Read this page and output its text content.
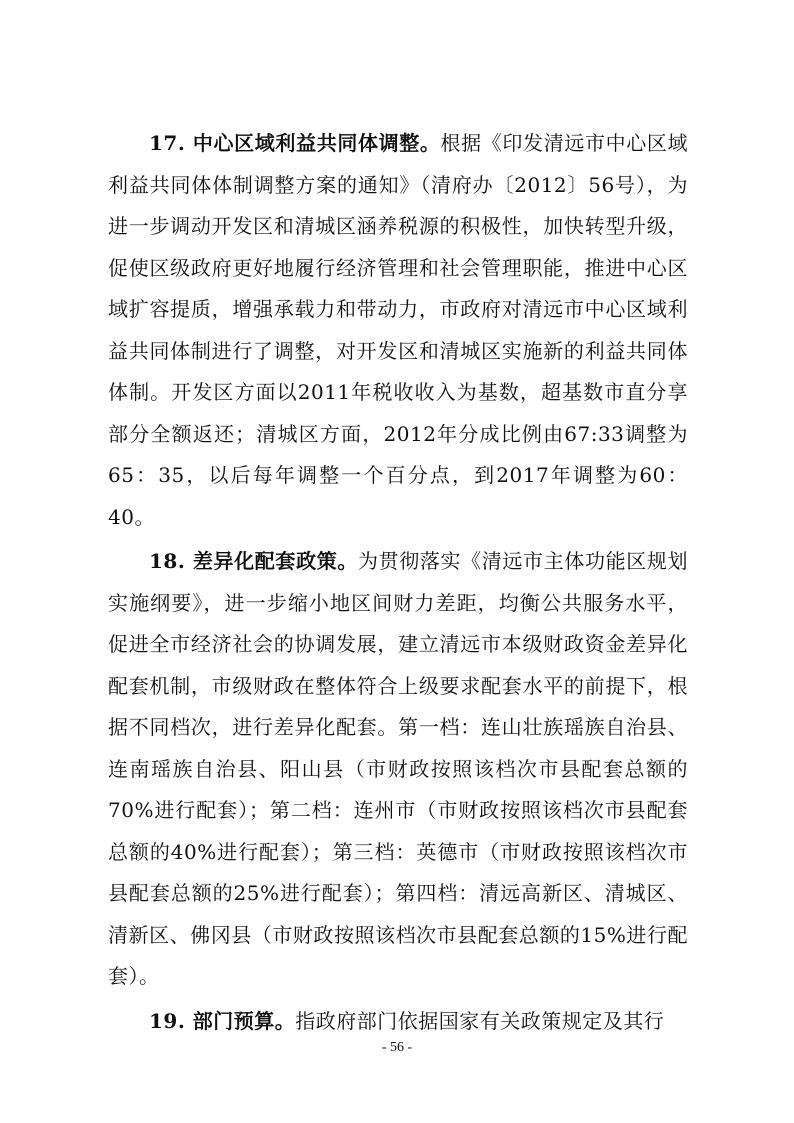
17. 中心区域利益共同体调整。根据《印发清远市中心区域利益共同体体制调整方案的通知》（清府办〔2012〕56号），为进一步调动开发区和清城区涵养税源的积极性，加快转型升级，促使区级政府更好地履行经济管理和社会管理职能，推进中心区域扩容提质，增强承载力和带动力，市政府对清远市中心区域利益共同体制进行了调整，对开发区和清城区实施新的利益共同体体制。开发区方面以2011年税收收入为基数，超基数市直分享部分全额返还；清城区方面，2012年分成比例由67:33调整为65：35，以后每年调整一个百分点，到2017年调整为60：40。

18. 差异化配套政策。为贯彻落实《清远市主体功能区规划实施纲要》，进一步缩小地区间财力差距，均衡公共服务水平，促进全市经济社会的协调发展，建立清远市本级财政资金差异化配套机制，市级财政在整体符合上级要求配套水平的前提下，根据不同档次，进行差异化配套。第一档：连山壮族瑶族自治县、连南瑶族自治县、阳山县（市财政按照该档次市县配套总额的70%进行配套）；第二档：连州市（市财政按照该档次市县配套总额的40%进行配套）；第三档：英德市（市财政按照该档次市县配套总额的25%进行配套）；第四档：清远高新区、清城区、清新区、佛冈县（市财政按照该档次市县配套总额的15%进行配套）。

19. 部门预算。指政府部门依据国家有关政策规定及其行

- 56 -
